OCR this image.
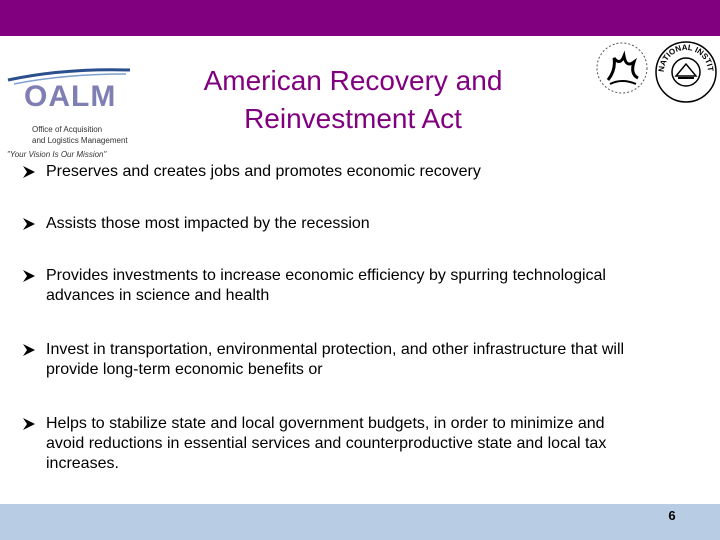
OALM
Office of Acquisition
and Logistics Management
"Your Vision Is Our Mission"
American Recovery and
Reinvestment Act
NATIONAL INSTIT
Preserves and creates jobs and promotes economic recovery
Assists those most impacted by the recession
Provides investments to increase economic efficiency by spurring technological
advances in science and health
Invest in transportation, environmental protection, and other infrastructure that will
provide long-term economic benefits or
Helps to stabilize state and local government budgets, in order to minimize and
avoid reductions in essential services and counterproductive state and local tax
increases.
6
